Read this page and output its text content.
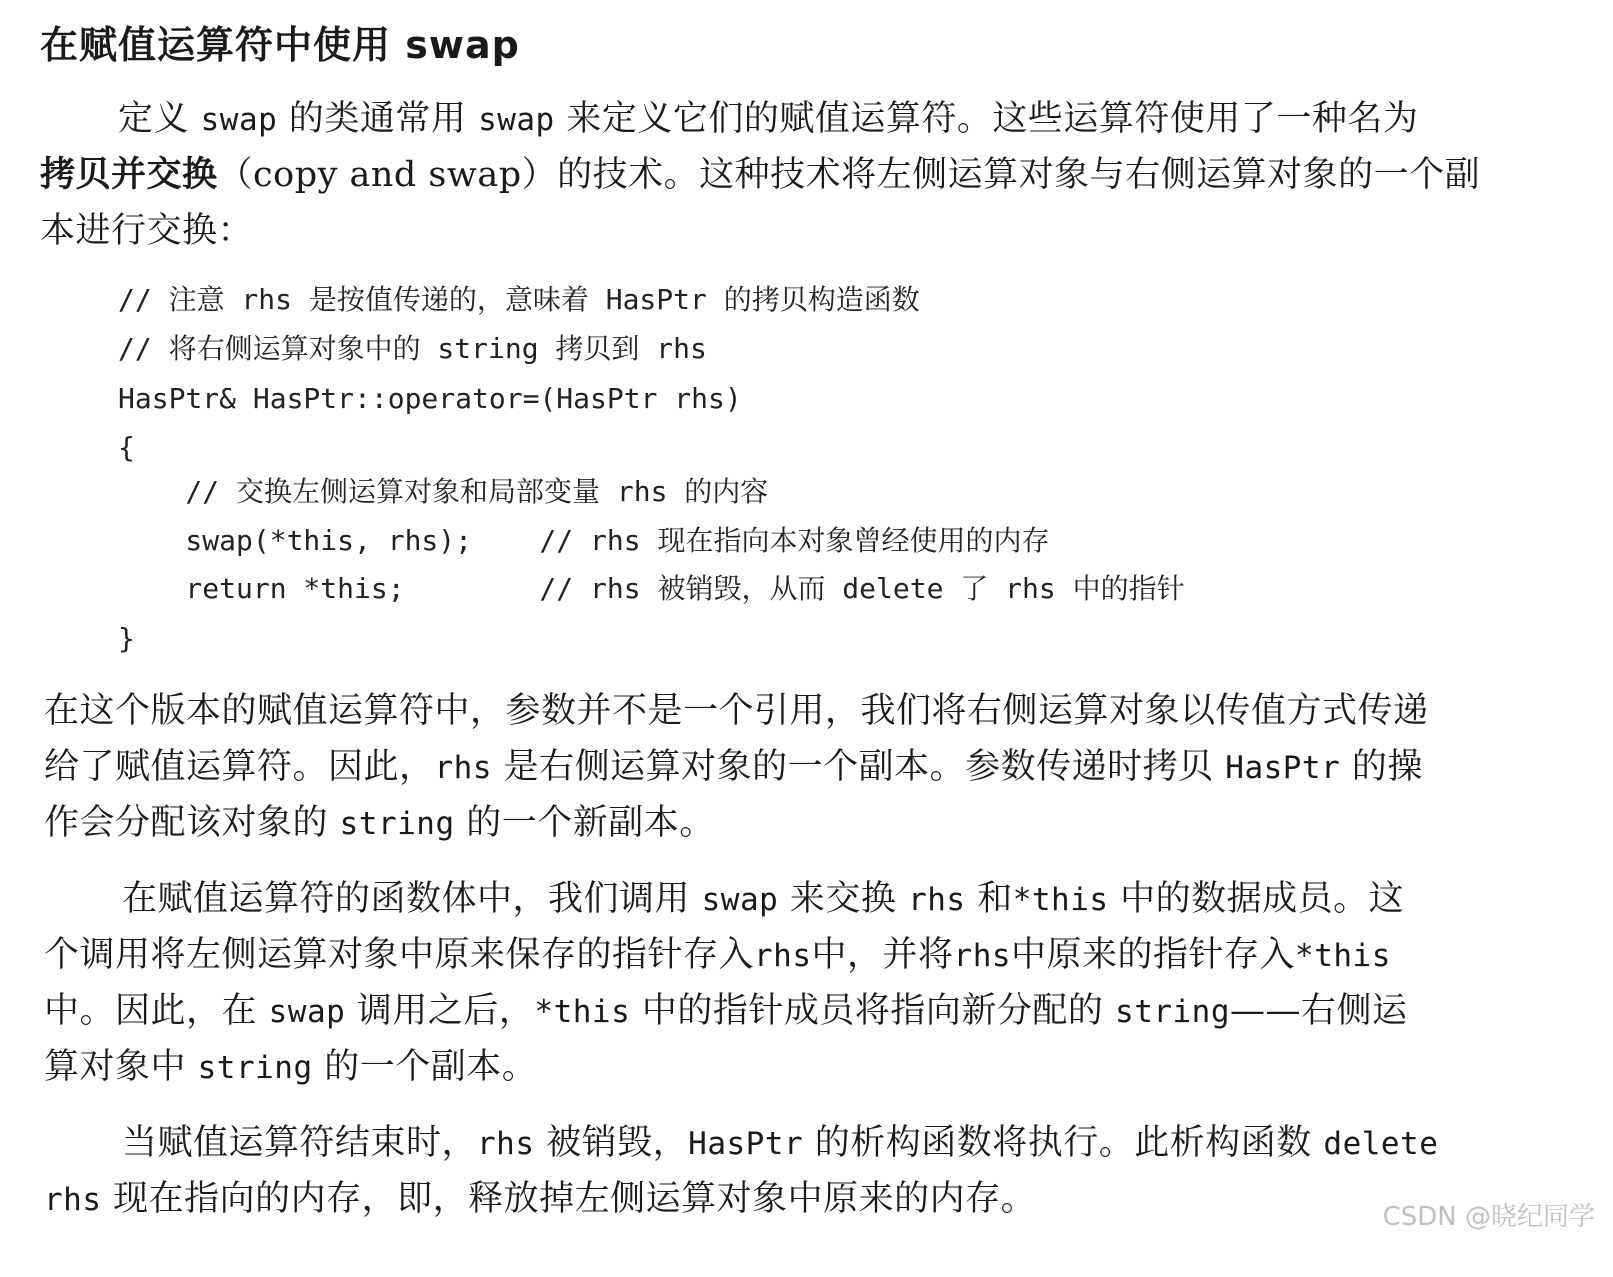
在赋值运算符中使用 swap
定义 swap 的类通常用 swap 来定义它们的赋值运算符。这些运算符使用了一种名为
拷贝并交换（copy and swap）的技术。这种技术将左侧运算对象与右侧运算对象的一个副
本进行交换：
// 注意 rhs 是按值传递的，意味着 HasPtr 的拷贝构造函数
// 将右侧运算对象中的 string 拷贝到 rhs
HasPtr& HasPtr::operator=(HasPtr rhs)
{
// 交换左侧运算对象和局部变量 rhs 的内容
swap(*this, rhs);    // rhs 现在指向本对象曾经使用的内存
return *this;        // rhs 被销毁，从而 delete 了 rhs 中的指针
}
在这个版本的赋值运算符中，参数并不是一个引用，我们将右侧运算对象以传值方式传递
给了赋值运算符。因此，rhs 是右侧运算对象的一个副本。参数传递时拷贝 HasPtr 的操
作会分配该对象的 string 的一个新副本。
在赋值运算符的函数体中，我们调用 swap 来交换 rhs 和*this 中的数据成员。这
个调用将左侧运算对象中原来保存的指针存入rhs中，并将rhs中原来的指针存入*this
中。因此，在 swap 调用之后，*this 中的指针成员将指向新分配的 string——右侧运
算对象中 string 的一个副本。
当赋值运算符结束时，rhs 被销毁，HasPtr 的析构函数将执行。此析构函数 delete
rhs 现在指向的内存，即，释放掉左侧运算对象中原来的内存。	CSDN @晓纪同学
